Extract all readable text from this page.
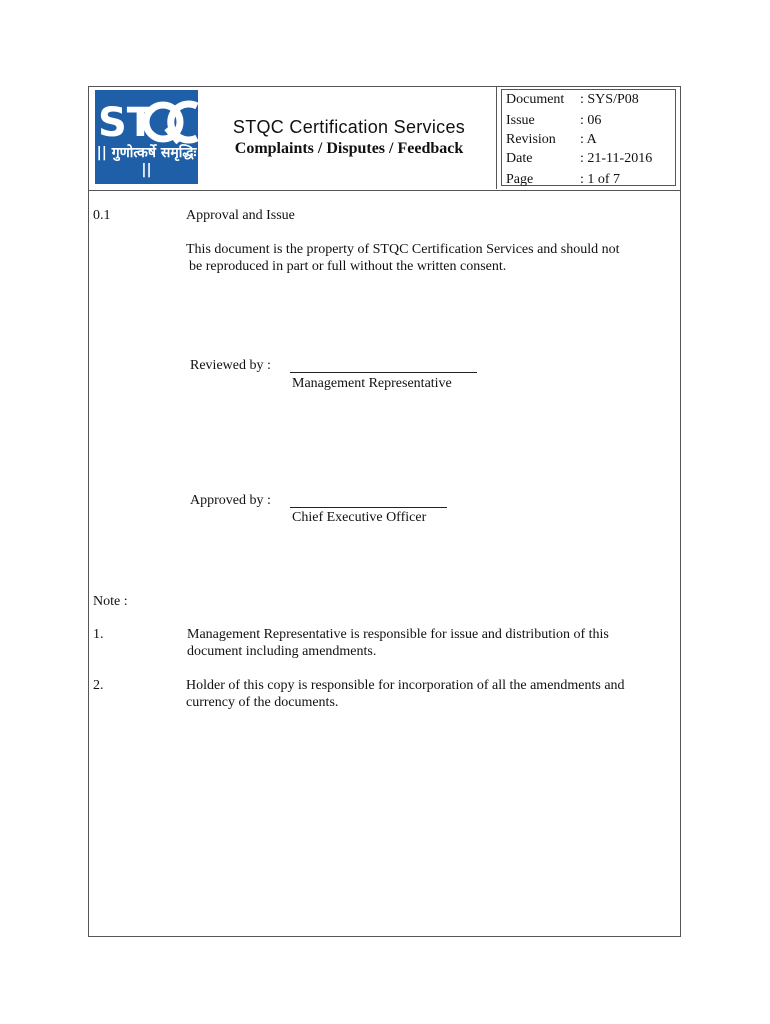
ST
|| गुणोत्कर्षे समृद्धिः ||
STQC Certification Services
Complaints / Disputes / Feedback
Document : SYS/P08
Issue	: 06
Revision : A
Date	: 21-11-2016
Page	: 1 of 7
0.1	Approval and Issue
This document is the property of STQC Certification Services and should not
be reproduced in part or full without the written consent.
Reviewed by :
Management Representative
Approved by :
Chief Executive Officer
Note :
1.	Management Representative is responsible for issue and distribution of this
document including amendments.
2.	Holder of this copy is responsible for incorporation of all the amendments and
currency of the documents.
